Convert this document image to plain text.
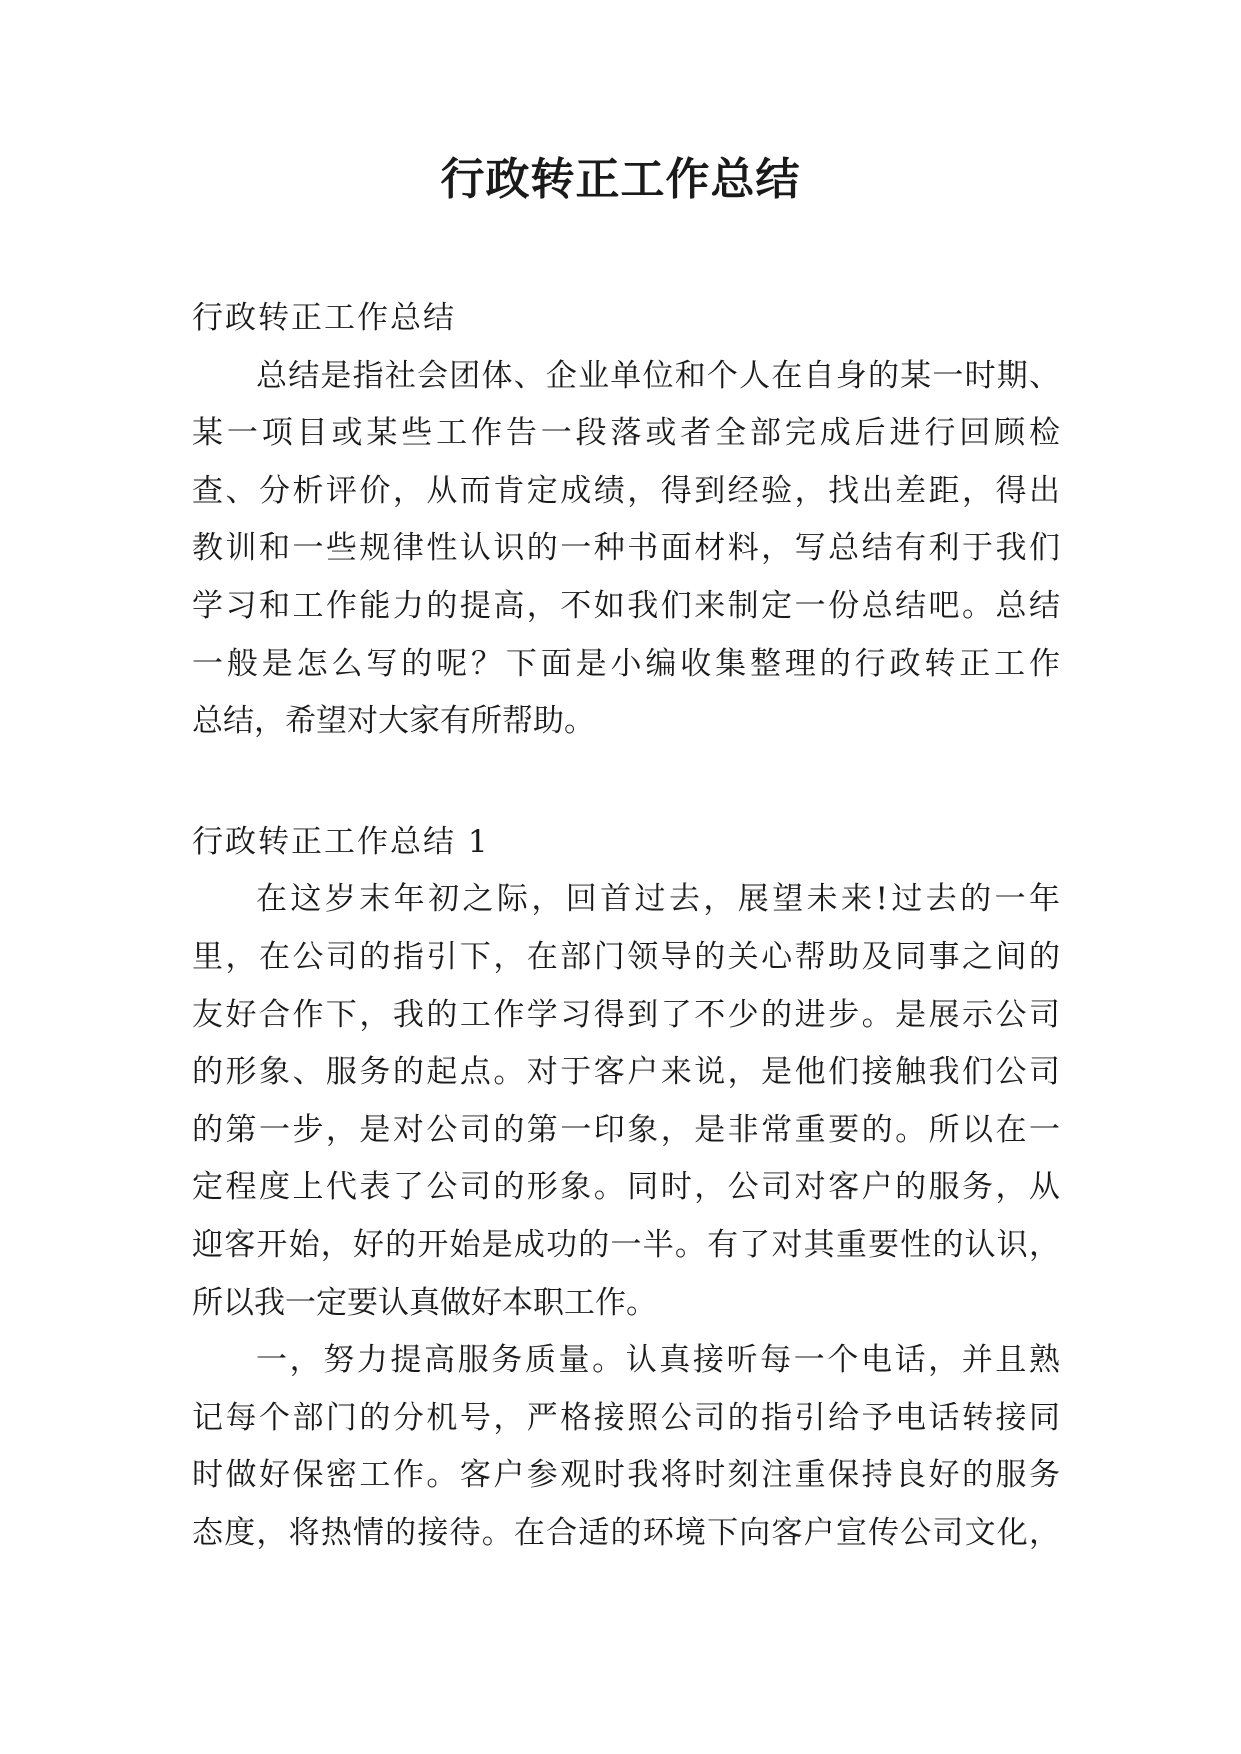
行政转正工作总结

行政转正工作总结

总结是指社会团体、企业单位和个人在自身的某一时期、

某一项目或某些工作告一段落或者全部完成后进行回顾检

查、分析评价，从而肯定成绩，得到经验，找出差距，得出

教训和一些规律性认识的一种书面材料，写总结有利于我们

学习和工作能力的提高，不如我们来制定一份总结吧。总结

一般是怎么写的呢？下面是小编收集整理的行政转正工作

总结，希望对大家有所帮助。

行政转正工作总结 1

在这岁末年初之际，回首过去，展望未来!过去的一年

里，在公司的指引下，在部门领导的关心帮助及同事之间的

友好合作下，我的工作学习得到了不少的进步。是展示公司

的形象、服务的起点。对于客户来说，是他们接触我们公司

的第一步，是对公司的第一印象，是非常重要的。所以在一

定程度上代表了公司的形象。同时，公司对客户的服务，从

迎客开始，好的开始是成功的一半。有了对其重要性的认识，

所以我一定要认真做好本职工作。

一，努力提高服务质量。认真接听每一个电话，并且熟

记每个部门的分机号，严格接照公司的指引给予电话转接同

时做好保密工作。客户参观时我将时刻注重保持良好的服务

态度，将热情的接待。在合适的环境下向客户宣传公司文化，
